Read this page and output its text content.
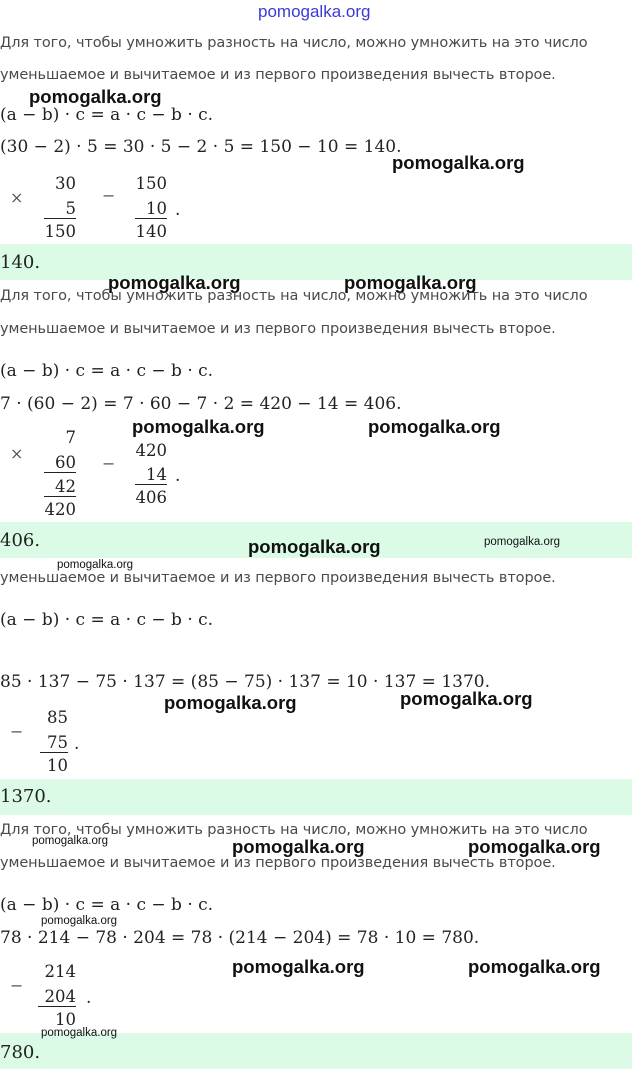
pomogalka.org
Для того, чтобы умножить разность на число, можно умножить на это число
уменьшаемое и вычитаемое и из первого произведения вычесть второе.
pomogalka.org
(a − b) · c = a · c − b · c.
(30 − 2) · 5 = 30 · 5 − 2 · 5 = 150 − 10 = 140.
pomogalka.org
×
30
5
150
−
150
10
140
.
140.
pomogalka.org	pomogalka.org
Для того, чтобы умножить разность на число, можно умножить на это число
уменьшаемое и вычитаемое и из первого произведения вычесть второе.
(a − b) · c = a · c − b · c.
7 · (60 − 2) = 7 · 60 − 7 · 2 = 420 − 14 = 406.
pomogalka.org	pomogalka.org
×
7
60
42
420
−
420
14
406
.
406.	pomogalka.org	pomogalka.org
pomogalka.org
уменьшаемое и вычитаемое и из первого произведения вычесть второе.
(a − b) · c = a · c − b · c.
85 · 137 − 75 · 137 = (85 − 75) · 137 = 10 · 137 = 1370.
pomogalka.org	pomogalka.org
−
85
75
10
.
1370.
Для того, чтобы умножить разность на число, можно умножить на это число
pomogalka.org	pomogalka.org	pomogalka.org
уменьшаемое и вычитаемое и из первого произведения вычесть второе.
(a − b) · c = a · c − b · c.
pomogalka.org
78 · 214 − 78 · 204 = 78 · (214 − 204) = 78 · 10 = 780.
pomogalka.org	pomogalka.org
−
214
204
10
.
pomogalka.org
780.
